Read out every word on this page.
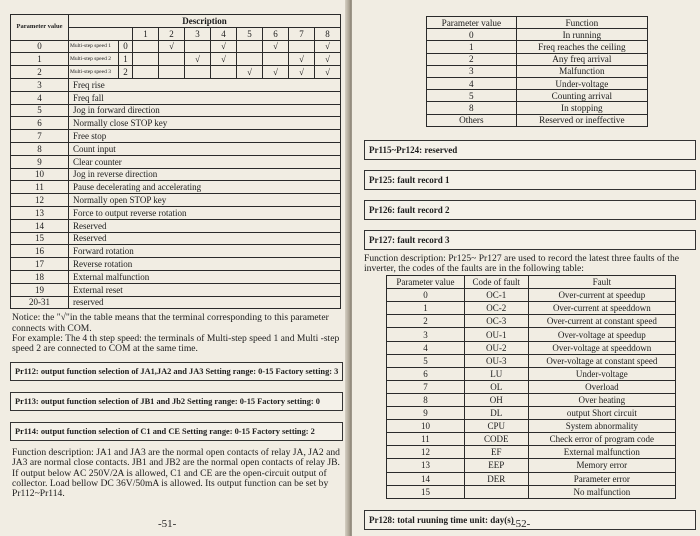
Parameter value	Description									
			1	2	3	4	5	6	7	8
0	Multi-step speed 1	0		√		√		√		√
1	Multi-step speed 2	1			√	√			√	√
2	Multi-step speed 3	2					√	√	√	√
3	Freq rise									
4	Freq fall									
5	Jog in forward direction									
6	Normally close STOP key									
7	Free stop									
8	Count input									
9	Clear counter									
10	Jog in reverse direction									
11	Pause decelerating and accelerating									
12	Normally open STOP key									
13	Force to output reverse rotation									
14	Reserved									
15	Reserved									
16	Forward rotation									
17	Reverse rotation									
18	External malfunction									
19	External reset									
20-31	reserved									
Notice: the "√"in the table means that the terminal corresponding to this parameter connects with COM.
For example: The 4 th step speed: the terminals of Multi-step speed 1 and Multi -step speed 2 are connected to COM at the same time.
Pr112: output function selection of JA1,JA2 and JA3 Setting range: 0-15 Factory setting: 3
Pr113: output function selection of JB1 and Jb2 Setting range: 0-15 Factory setting: 0
Pr114: output function selection of C1 and CE Setting range: 0-15 Factory setting: 2
Function description: JA1 and JA3 are the normal open contacts of relay JA, JA2 and JA3 are normal close contacts. JB1 and JB2 are the normal open contacts of relay JB. If output below AC 250V/2A is allowed, C1 and CE are the open-circuit output of collector. Load bellow DC 36V/50mA is allowed. Its output function can be set by Pr112~Pr114.
-51-
Parameter value	Function
0	In running
1	Freq reaches the ceiling
2	Any freq arrival
3	Malfunction
4	Under-voltage
5	Counting arrival
8	In stopping
Others	Reserved or ineffective
Pr115~Pr124: reserved
Pr125: fault record 1
Pr126: fault record 2
Pr127: fault record 3
Function description: Pr125~ Pr127 are used to record the latest three faults of the inverter, the codes of the faults are in the following table:
Parameter value	Code of fault	Fault
0	OC-1	Over-current at speedup
1	OC-2	Over-current at speeddown
2	OC-3	Over-current at constant speed
3	OU-1	Over-voltage at speedup
4	OU-2	Over-voltage at speeddown
5	OU-3	Over-voltage at constant speed
6	LU	Under-voltage
7	OL	Overload
8	OH	Over heating
9	DL	output Short circuit
10	CPU	System abnormality
11	CODE	Check error of program code
12	EF	External malfunction
13	EEP	Memory error
14	DER	Parameter error
15		No malfunction
Pr128: total ruuning time unit: day(s)
-52-
